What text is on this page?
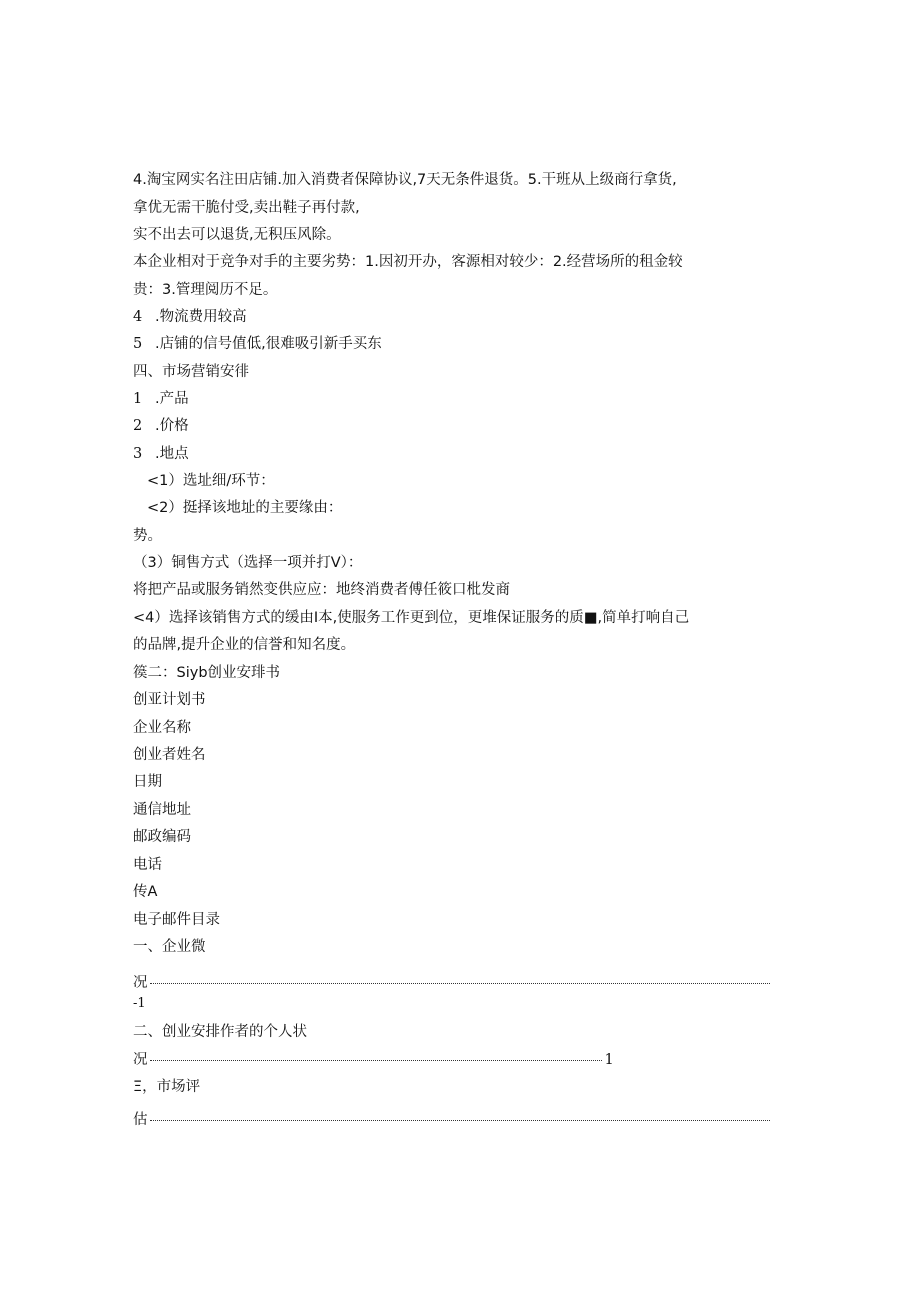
4.淘宝网实名注田店铺.加入消费者保障协议,7天无条件退货。5.干班从上级商行拿货,
拿优无需干脆付受,卖出鞋子再付款,
实不出去可以退货,无积压风除。
本企业相对于竞争对手的主要劣势：1.因初开办，客源相对较少：2.经营场所的租金较
贵：3.管理阅历不足。
4 .物流费用较高
5 .店铺的信号值低,很难吸引新手买东
四、市场营销安徘
1 .产品
2 .价格
3 .地点
<1）选址细/环节：
<2）挺择该地址的主要缘由：
势。
（3）铜售方式（选择一项并打V）：
将把产品或服务销然变供应应：地终消费者傅任筱口枇发商
<4）选择该销售方式的缓由I本,使服务工作更到位，更堆保证服务的质■,简单打响自己
的品牌,提升企业的信誉和知名度。
篌二：Siyb创业安琲书
创亚计划书
企业名称
创业者姓名
日期
通信地址
邮政编码
电话
传A
电子邮件目录
一、企业微
况
-1
二、创业安排作者的个人状
况	1
Ξ，市场评
估
